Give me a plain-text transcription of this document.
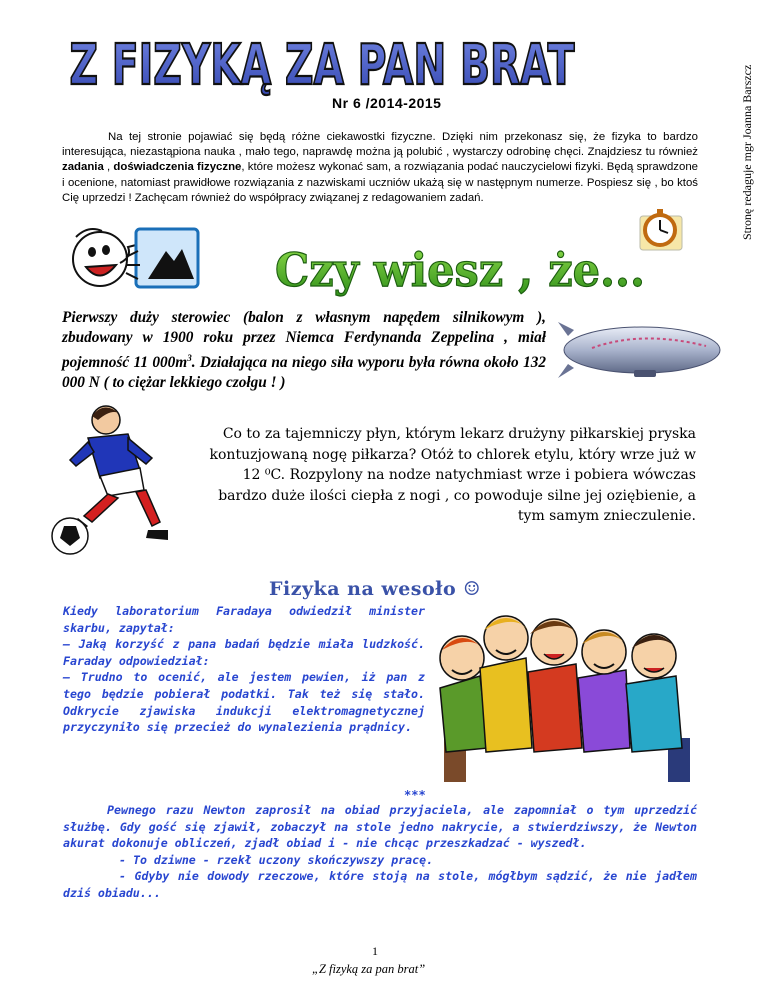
Z FIZYKĄ ZA PAN BRAT
Nr 6 /2014-2015	Stronę redaguje mgr Joanna Barszcz
Na tej stronie pojawiać się będą różne ciekawostki fizyczne. Dzięki nim przekonasz się, że fizyka to bardzo interesująca, niezastąpiona nauka , mało tego, naprawdę można ją polubić , wystarczy odrobinę chęci. Znajdziesz tu również zadania , doświadczenia fizyczne, które możesz wykonać sam, a rozwiązania podać nauczycielowi fizyki. Będą sprawdzone i ocenione, natomiast prawidłowe rozwiązania z nazwiskami uczniów ukażą się w następnym numerze. Pospiesz się , bo ktoś Cię uprzedzi ! Zachęcam również do współpracy związanej z redagowaniem zadań.
Czy wiesz , że...
Pierwszy duży sterowiec (balon z własnym napędem silnikowym ), zbudowany w 1900 roku przez Niemca Ferdynanda Zeppelina , miał pojemność 11 $000m^3$. Działająca na niego siła wyporu była równa około 132 000 N ( to ciężar lekkiego czołgu ! )
Co to za tajemniczy płyn, którym lekarz drużyny piłkarskiej pryska kontuzjowaną nogę piłkarza? Otóż to chlorek etylu, który wrze już w 12 ⁰C. Rozpylony na nodze natychmiast wrze i pobiera wówczas bardzo duże ilości ciepła z nogi , co powoduje silne jej oziębienie, a tym samym znieczulenie.
Fizyka na wesoło ☺
Kiedy laboratorium Faradaya odwiedził minister skarbu, zapytał:
– Jaką korzyść z pana badań będzie miała ludzkość. Faraday odpowiedział:
– Trudno to ocenić, ale jestem pewien, iż pan z tego będzie pobierał podatki. Tak też się stało. Odkrycie zjawiska indukcji elektromagnetycznej przyczyniło się przecież do wynalezienia prądnicy.
***

Pewnego razu Newton zaprosił na obiad przyjaciela, ale zapomniał o tym uprzedzić służbę. Gdy gość się zjawił, zobaczył na stole jedno nakrycie, a stwierdziwszy, że Newton akurat dokonuje obliczeń, zjadł obiad i - nie chcąc przeszkadzać - wyszedł.

- To dziwne - rzekł uczony skończywszy pracę.

- Gdyby nie dowody rzeczowe, które stoją na stole, mógłbym sądzić, że nie jadłem dziś obiadu...

1
„Z fizyką za pan brat”
